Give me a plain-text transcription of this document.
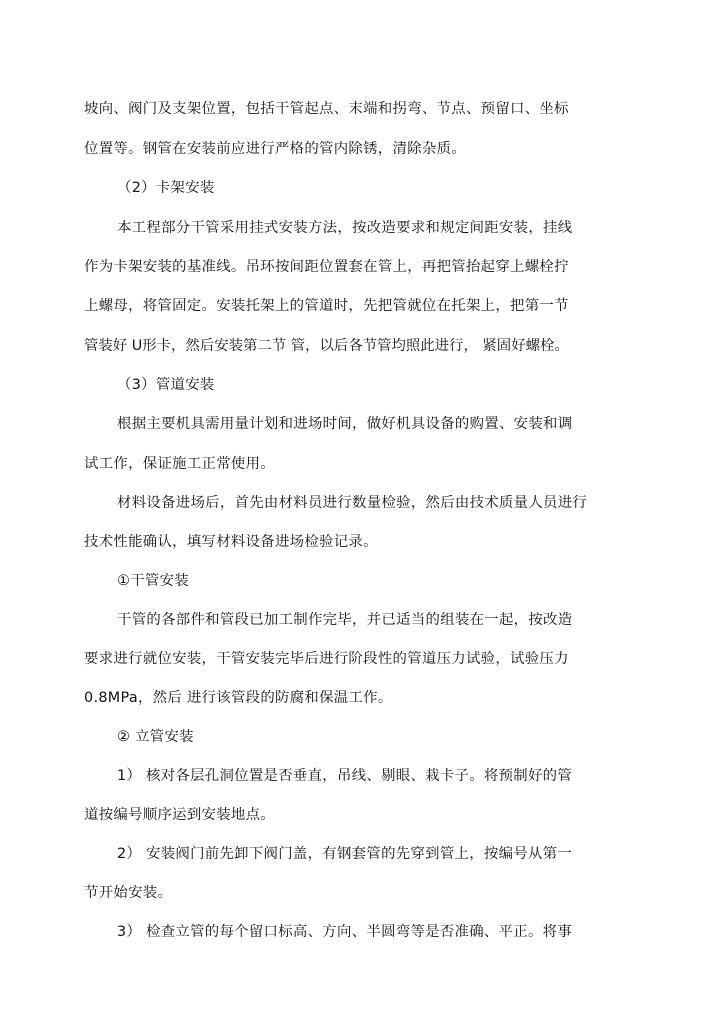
坡向、阀门及支架位置，包括干管起点、末端和拐弯、节点、预留口、坐标
位置等。钢管在安装前应进行严格的管内除锈，清除杂质。
（2）卡架安装
本工程部分干管采用挂式安装方法，按改造要求和规定间距安装，挂线
作为卡架安装的基准线。吊环按间距位置套在管上，再把管抬起穿上螺栓拧
上螺母，将管固定。安装托架上的管道时，先把管就位在托架上，把第一节
管装好 U形卡，然后安装第二节 管，以后各节管均照此进行， 紧固好螺栓。
（3）管道安装
根据主要机具需用量计划和进场时间，做好机具设备的购置、安装和调
试工作，保证施工正常使用。
材料设备进场后，首先由材料员进行数量检验，然后由技术质量人员进行
技术性能确认，填写材料设备进场检验记录。
①干管安装
干管的各部件和管段已加工制作完毕，并已适当的组装在一起，按改造
要求进行就位安装，干管安装完毕后进行阶段性的管道压力试验，试验压力
0.8MPa，然后 进行该管段的防腐和保温工作。
② 立管安装
1） 核对各层孔洞位置是否垂直，吊线、剔眼、栽卡子。将预制好的管
道按编号顺序运到安装地点。
2） 安装阀门前先卸下阀门盖，有钢套管的先穿到管上，按编号从第一
节开始安装。
3） 检查立管的每个留口标高、方向、半圆弯等是否准确、平正。将事
